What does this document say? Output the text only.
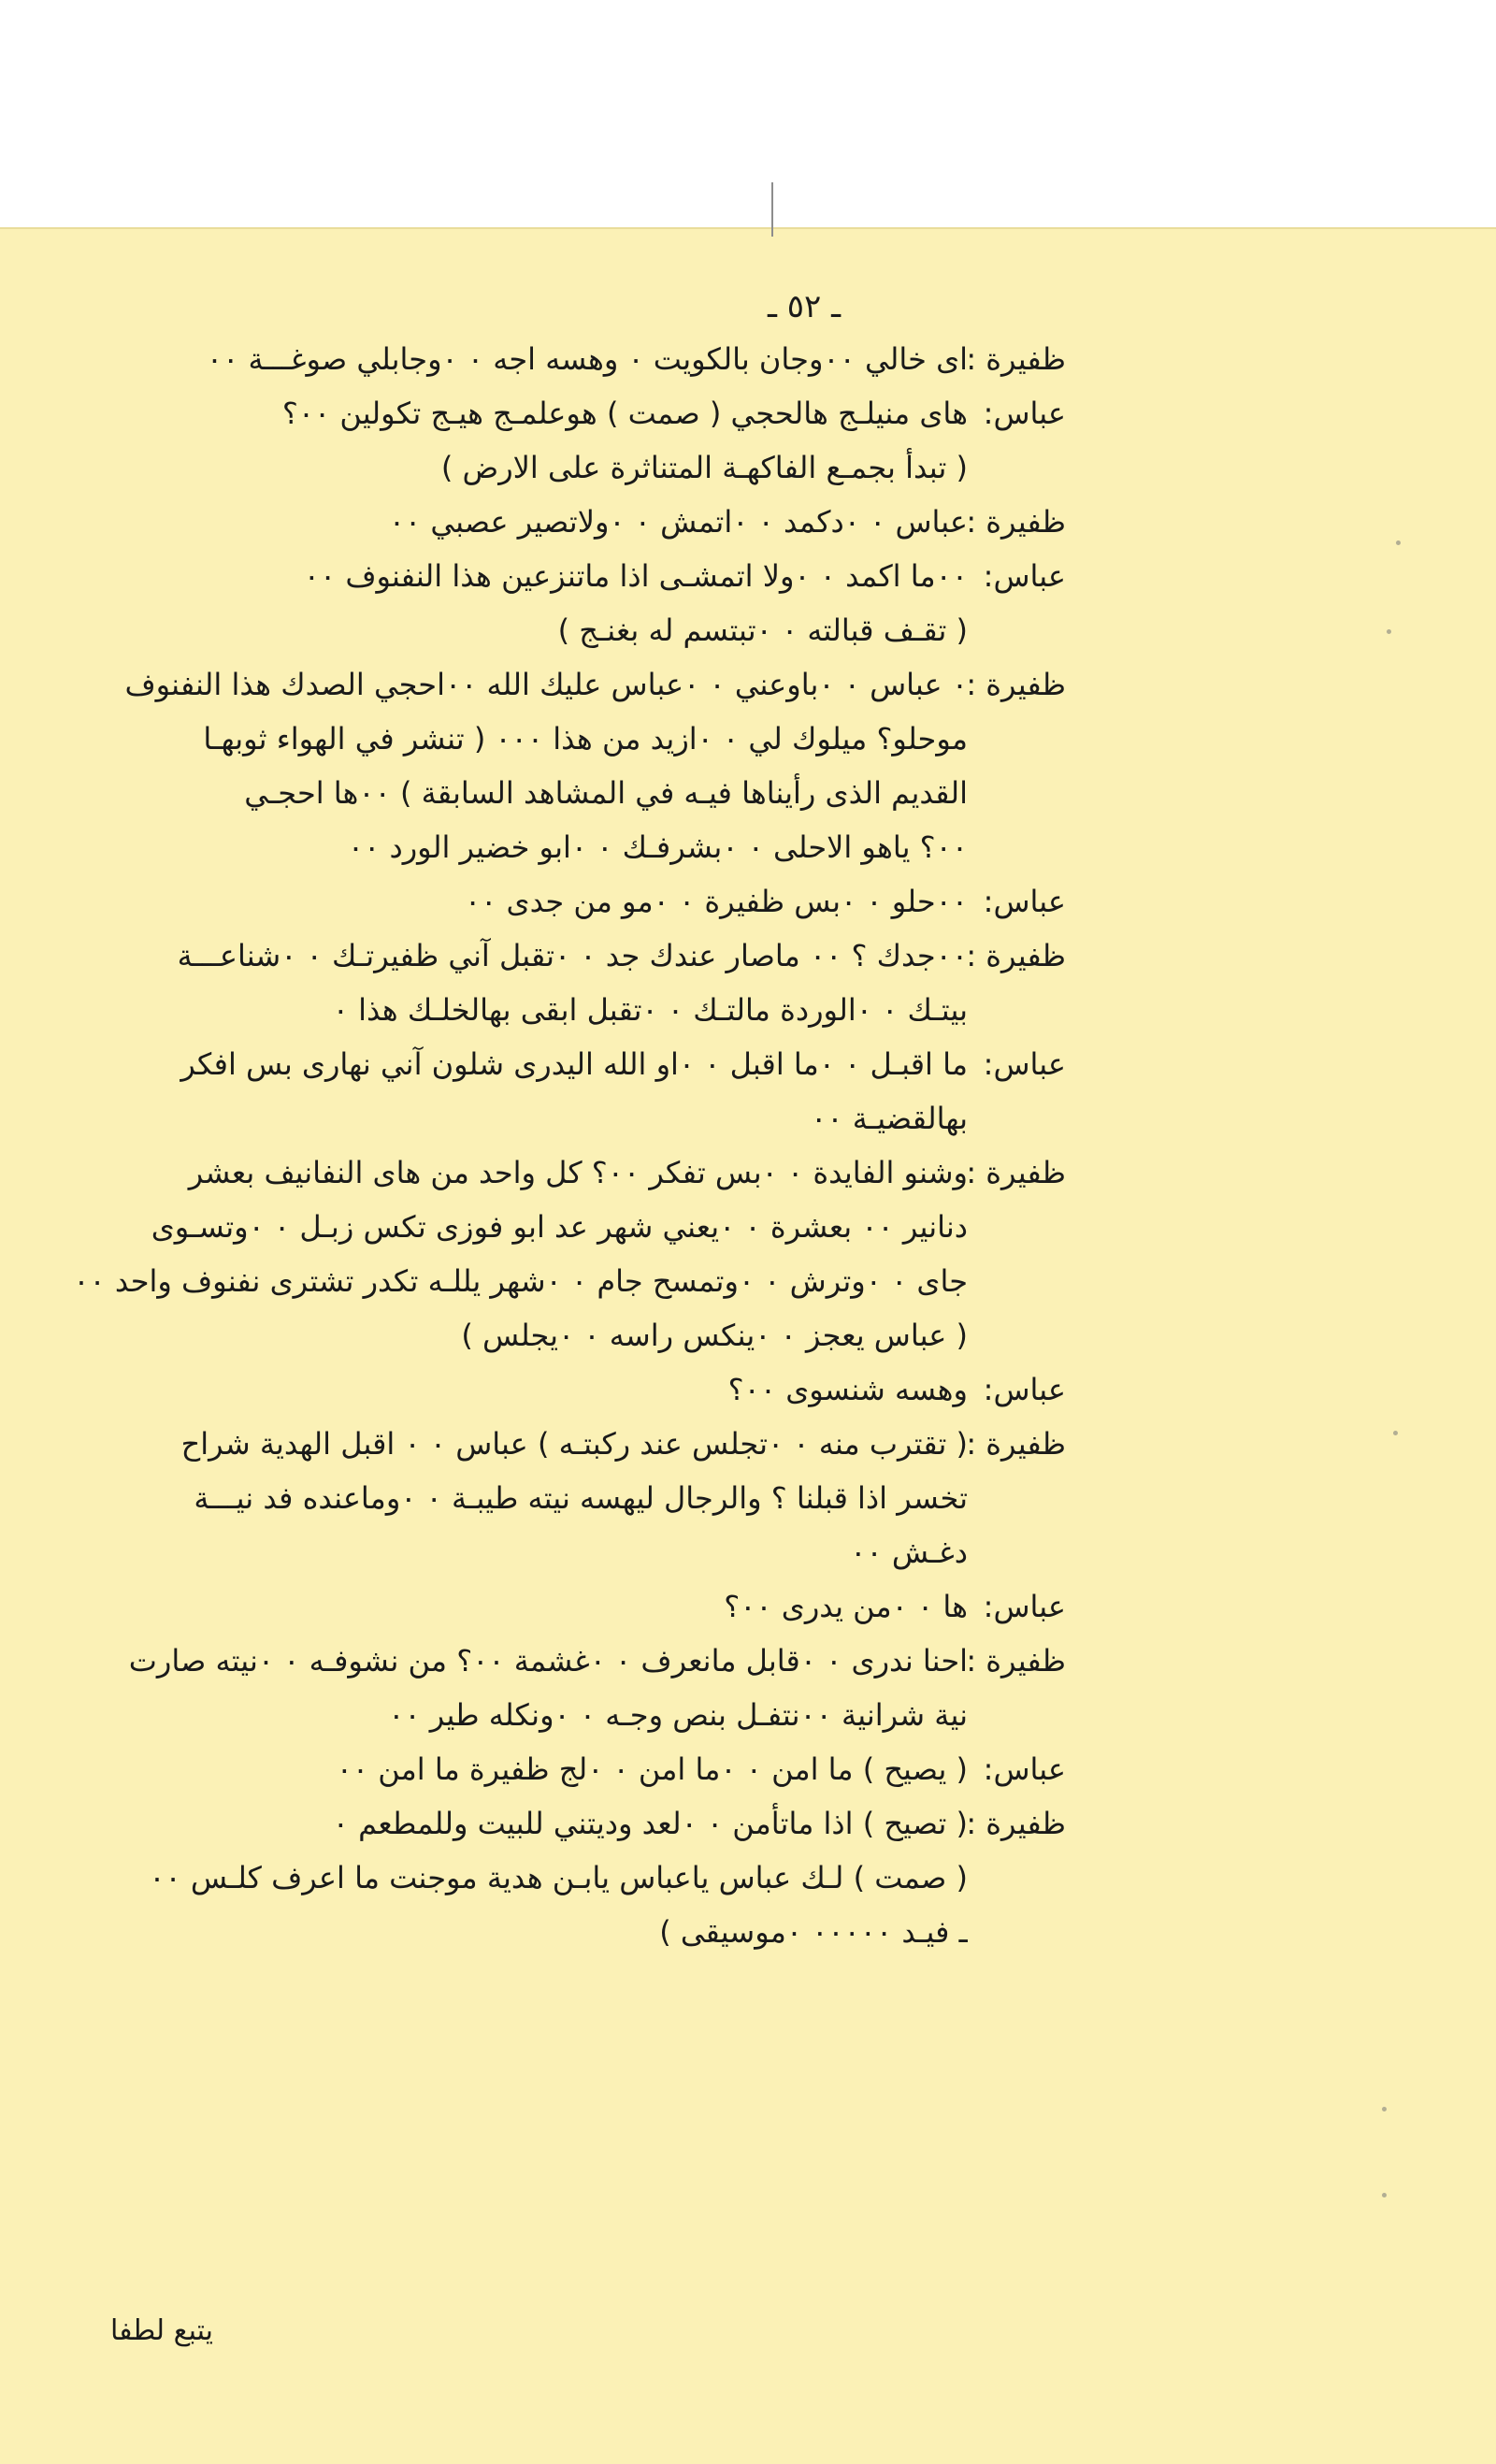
ـ ٥٢ ـ
ظفيرة :
اى خالي ٠٠وجان بالكويت ٠ وهسه اجه ٠ ٠وجابلي صوغـــة ٠٠
عباس:
هاى منيلـج هالحجي ( صمت ) هوعلمـج هيـج تكولين ٠٠؟
( تبدأ بجمـع الفاكهـة المتناثرة على الارض )
ظفيرة :
عباس ٠ ٠دكمد ٠ ٠اتمش ٠ ٠ولاتصير عصبي ٠٠
عباس:
٠٠ما اكمد ٠ ٠ولا اتمشـى اذا ماتنزعين هذا النفنوف ٠٠
( تقـف قبالته ٠ ٠تبتسم له بغنـج )
ظفيرة :
٠ عباس ٠ ٠باوعني ٠ ٠عباس عليك الله ٠٠احجي الصدك هذا النفنوف
موحلو؟ ميلوك لي ٠ ٠ازيد من هذا ٠٠٠ ( تنشر في الهواء ثوبهـا
القديم الذى رأيناها فيـه في المشاهد السابقة ) ٠٠ها احجـي
٠٠؟ ياهو الاحلى ٠ ٠بشرفـك ٠ ٠ابو خضير الورد ٠٠
عباس:
٠٠حلو ٠ ٠بس ظفيرة ٠ ٠مو من جدى ٠٠
ظفيرة :
٠٠جدك ؟ ٠٠ ماصار عندك جد ٠ ٠تقبل آني ظفيرتـك ٠ ٠شناعـــة
بيتـك ٠ ٠الوردة مالتـك ٠ ٠تقبل ابقى بهالخلـك هذا ٠
عباس:
ما اقبـل ٠ ٠ما اقبل ٠ ٠او الله اليدرى شلون آني نهارى بس افكر
بهالقضيـة ٠٠
ظفيرة :
وشنو الفايدة ٠ ٠بس تفكر ٠٠؟ كل واحد من هاى النفانيف بعشر
دنانير ٠٠ بعشرة ٠ ٠يعني شهر عد ابو فوزى تكس زبـل ٠ ٠وتسـوى
جاى ٠ ٠وترش ٠ ٠وتمسح جام ٠ ٠شهر يللـه تكدر تشترى نفنوف واحد ٠٠
( عباس يعجز ٠ ٠ينكس راسه ٠ ٠يجلس )
عباس:
وهسه شنسوى ٠٠؟
ظفيرة :
( تقترب منه ٠ ٠تجلس عند ركبتـه ) عباس ٠ ٠ اقبل الهدية شراح
تخسر اذا قبلنا ؟ والرجال ليهسه نيته طيبـة ٠ ٠وماعنده فد نيـــة
دغـش ٠٠
عباس:
ها ٠ ٠من يدرى ٠٠؟
ظفيرة :
احنا ندرى ٠ ٠قابل مانعرف ٠ ٠غشمة ٠٠؟ من نشوفـه ٠ ٠نيته صارت
نية شرانية ٠٠نتفـل بنص وجـه ٠ ٠ونكله طير ٠٠
عباس:
( يصيح ) ما امن ٠ ٠ما امن ٠ ٠لج ظفيرة ما امن ٠٠
ظفيرة :
( تصيح ) اذا ماتأمن ٠ ٠لعد وديتني للبيت وللمطعم ٠
( صمت ) لـك عباس ياعباس يابـن هدية موجنت ما اعرف كلـس ٠٠
ـ فيـد ٠٠٠٠٠ ٠موسيقى )
يتبع لطفا
